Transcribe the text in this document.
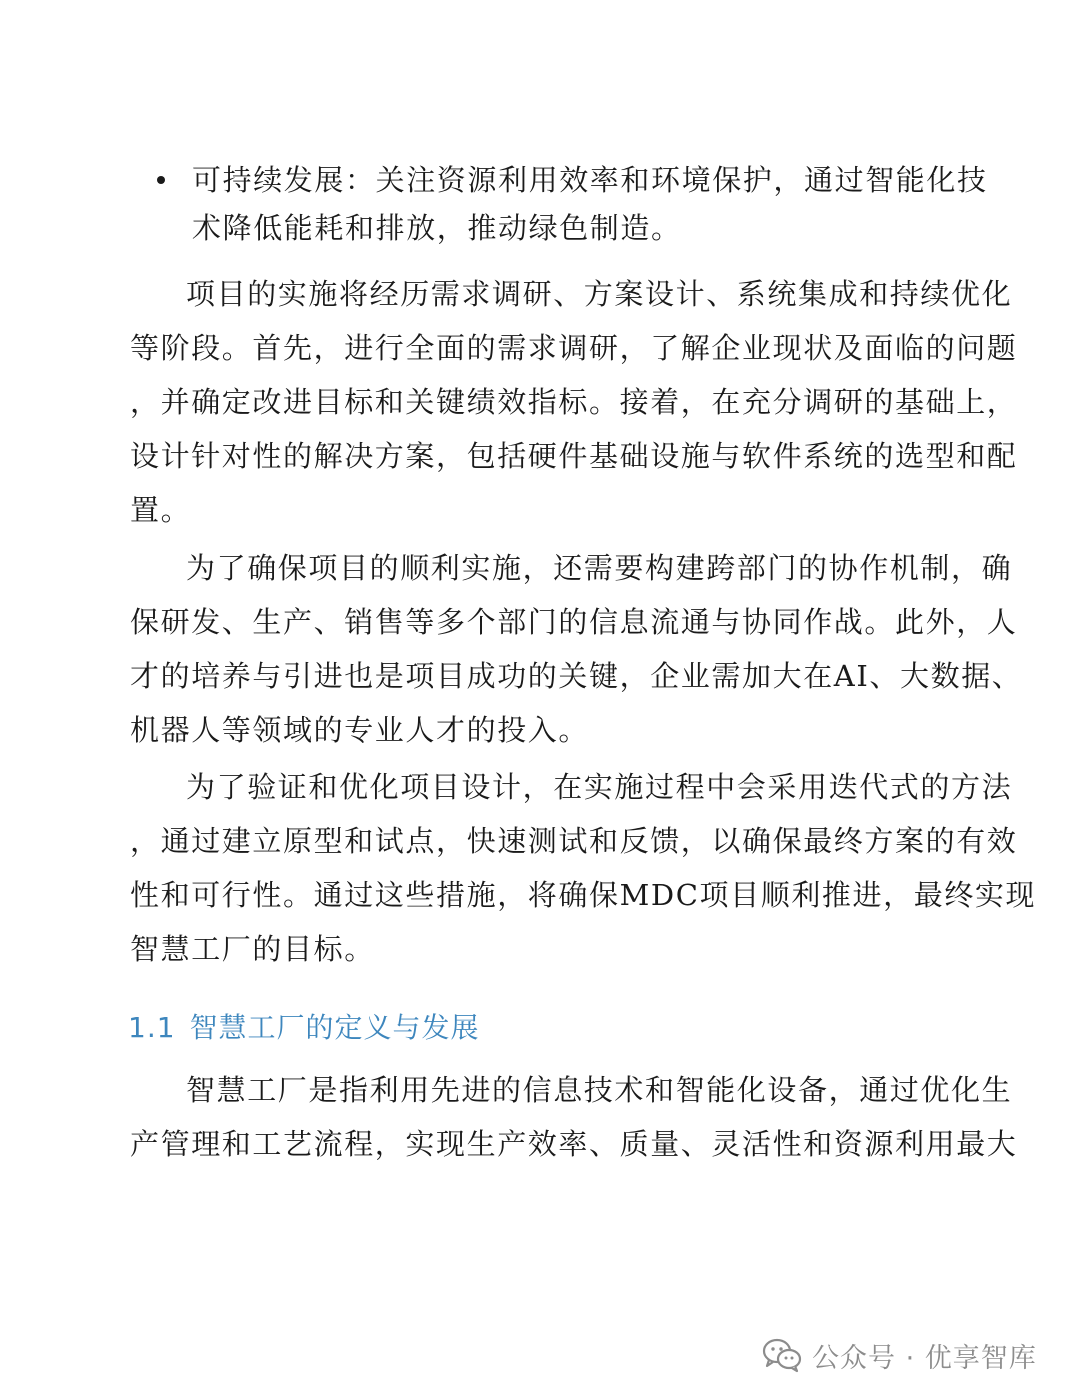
可持续发展：关注资源利用效率和环境保护，通过智能化技
术降低能耗和排放，推动绿色制造。
项目的实施将经历需求调研、方案设计、系统集成和持续优化
等阶段。首先，进行全面的需求调研，了解企业现状及面临的问题
，并确定改进目标和关键绩效指标。接着，在充分调研的基础上，
设计针对性的解决方案，包括硬件基础设施与软件系统的选型和配
置。
为了确保项目的顺利实施，还需要构建跨部门的协作机制，确
保研发、生产、销售等多个部门的信息流通与协同作战。此外，人
才的培养与引进也是项目成功的关键，企业需加大在AI、大数据、
机器人等领域的专业人才的投入。
为了验证和优化项目设计，在实施过程中会采用迭代式的方法
，通过建立原型和试点，快速测试和反馈，以确保最终方案的有效
性和可行性。通过这些措施，将确保MDC项目顺利推进，最终实现
智慧工厂的目标。
1.1 智慧工厂的定义与发展
智慧工厂是指利用先进的信息技术和智能化设备，通过优化生
产管理和工艺流程，实现生产效率、质量、灵活性和资源利用最大
公众号 · 优享智库
